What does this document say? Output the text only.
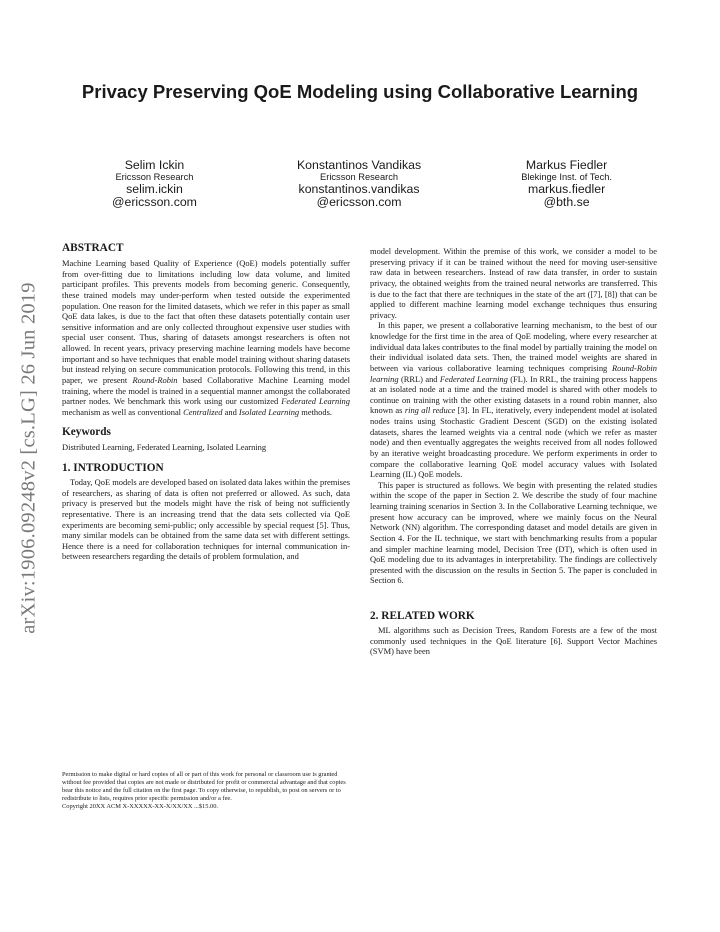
Privacy Preserving QoE Modeling using Collaborative Learning
Selim Ickin
Ericsson Research
selim.ickin
@ericsson.com
Konstantinos Vandikas
Ericsson Research
konstantinos.vandikas
@ericsson.com
Markus Fiedler
Blekinge Inst. of Tech.
markus.fiedler
@bth.se
arXiv:1906.09248v2 [cs.LG] 26 Jun 2019
ABSTRACT

Machine Learning based Quality of Experience (QoE) models potentially suffer from over-fitting due to limitations including low data volume, and limited participant profiles. This prevents models from becoming generic. Consequently, these trained models may under-perform when tested outside the experimented population. One reason for the limited datasets, which we refer in this paper as small QoE data lakes, is due to the fact that often these datasets potentially contain user sensitive information and are only collected throughout expensive user studies with special user consent. Thus, sharing of datasets amongst researchers is often not allowed. In recent years, privacy preserving machine learning models have become important and so have techniques that enable model training without sharing datasets but instead relying on secure communication protocols. Following this trend, in this paper, we present Round-Robin based Collaborative Machine Learning model training, where the model is trained in a sequential manner amongst the collaborated partner nodes. We benchmark this work using our customized Federated Learning mechanism as well as conventional Centralized and Isolated Learning methods.

Keywords

Distributed Learning, Federated Learning, Isolated Learning

1. INTRODUCTION

Today, QoE models are developed based on isolated data lakes within the premises of researchers, as sharing of data is often not preferred or allowed. As such, data privacy is preserved but the models might have the risk of being not sufficiently representative. There is an increasing trend that the data sets collected via QoE experiments are becoming semi-public; only accessible by special request [5]. Thus, many similar models can be obtained from the same data set with different settings. Hence there is a need for collaboration techniques for internal communication in-between researchers regarding the details of problem formulation, and

Permission to make digital or hard copies of all or part of this work for personal or classroom use is granted without fee provided that copies are not made or distributed for profit or commercial advantage and that copies bear this notice and the full citation on the first page. To copy otherwise, to republish, to post on servers or to redistribute to lists, requires prior specific permission and/or a fee.

Copyright 20XX ACM X-XXXXX-XX-X/XX/XX ...$15.00.

model development. Within the premise of this work, we consider a model to be preserving privacy if it can be trained without the need for moving user-sensitive raw data in between researchers. Instead of raw data transfer, in order to sustain privacy, the obtained weights from the trained neural networks are transferred. This is due to the fact that there are techniques in the state of the art ([7], [8]) that can be applied to different machine learning model exchange techniques thus ensuring privacy.

In this paper, we present a collaborative learning mechanism, to the best of our knowledge for the first time in the area of QoE modeling, where every researcher at individual data lakes contributes to the final model by partially training the model on their individual isolated data sets. Then, the trained model weights are shared in between via various collaborative learning techniques comprising Round-Robin learning (RRL) and Federated Learning (FL). In RRL, the training process happens at an isolated node at a time and the trained model is shared with other models to continue on training with the other existing datasets in a round robin manner, also known as ring all reduce [3]. In FL, iteratively, every independent model at isolated nodes trains using Stochastic Gradient Descent (SGD) on the existing isolated datasets, shares the learned weights via a central node (which we refer as master node) and then eventually aggregates the weights received from all nodes followed by an iterative weight broadcasting procedure. We perform experiments in order to compare the collaborative learning QoE model accuracy values with Isolated Learning (IL) QoE models.

This paper is structured as follows. We begin with presenting the related studies within the scope of the paper in Section 2. We describe the study of four machine learning training scenarios in Section 3. In the Collaborative Learning technique, we present how accuracy can be improved, where we mainly focus on the Neural Network (NN) algorithm. The corresponding dataset and model details are given in Section 4. For the IL technique, we start with benchmarking results from a popular and simpler machine learning model, Decision Tree (DT), which is often used in QoE modeling due to its advantages in interpretability. The findings are collectively presented with the discussion on the results in Section 5. The paper is concluded in Section 6.

2. RELATED WORK

ML algorithms such as Decision Trees, Random Forests are a few of the most commonly used techniques in the QoE literature [6]. Support Vector Machines (SVM) have been
